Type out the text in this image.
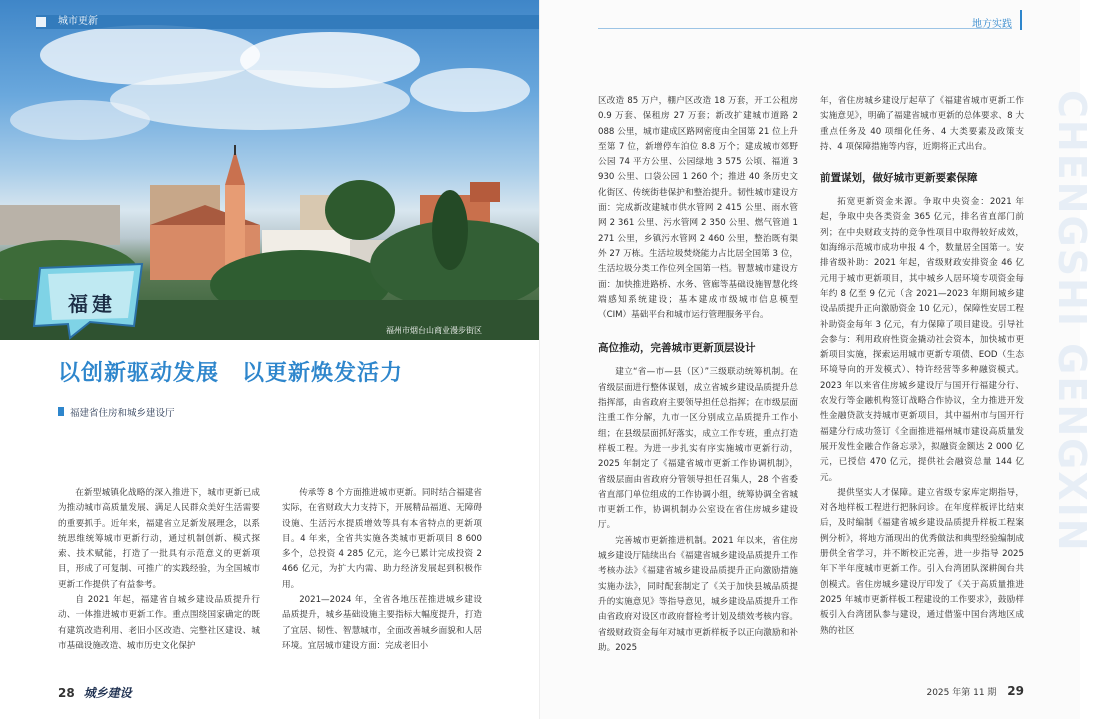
城市更新
福州市烟台山商业漫步街区
福建
以创新驱动发展　以更新焕发活力
福建省住房和城乡建设厅

在新型城镇化战略的深入推进下，城市更新已成为推动城市高质量发展、满足人民群众美好生活需要的重要抓手。近年来，福建省立足新发展理念，以系统思维统筹城市更新行动，通过机制创新、模式探索、技术赋能，打造了一批具有示范意义的更新项目，形成了可复制、可推广的实践经验，为全国城市更新工作提供了有益参考。

自 2021 年起，福建省自城乡建设品质提升行动、一体推进城市更新工作。重点围绕国家确定的既有建筑改造利用、老旧小区改造、完整社区建设、城市基础设施改造、城市历史文化保护

传承等 8 个方面推进城市更新。同时结合福建省实际，在省财政大力支持下，开展精品福道、无障碍设施、生活污水提质增效等具有本省特点的更新项目。4 年来，全省共实施各类城市更新项目 8 600 多个，总投资 4 285 亿元，迄今已累计完成投资 2 466 亿元，为扩大内需、助力经济发展起到积极作用。

2021—2024 年，全省各地压茬推进城乡建设品质提升，城乡基础设施主要指标大幅度提升，打造了宜居、韧性、智慧城市，全面改善城乡面貌和人居环境。宜居城市建设方面：完成老旧小

28 城乡建设
地方实践
CHENGSHI GENGXIN

区改造 85 万户，棚户区改造 18 万套，开工公租房 0.9 万套、保租房 27 万套；新改扩建城市道路 2 088 公里，城市建成区路网密度由全国第 21 位上升至第 7 位，新增停车泊位 8.8 万个；建成城市郊野公园 74 平方公里、公园绿地 3 575 公顷、福道 3 930 公里、口袋公园 1 260 个；推进 40 条历史文化街区、传统街巷保护和整治提升。韧性城市建设方面：完成新改建城市供水管网 2 415 公里、雨水管网 2 361 公里、污水管网 2 350 公里、燃气管道 1 271 公里，乡镇污水管网 2 460 公里，整治既有渠外 27 万栋。生活垃圾焚烧能力占比居全国第 3 位，生活垃圾分类工作位列全国第一档。智慧城市建设方面：加快推进路桥、水务、管廊等基础设施智慧化终端感知系统建设；基本建成市级城市信息模型（CIM）基础平台和城市运行管理服务平台。

高位推动，完善城市更新顶层设计

建立“省—市—县（区）”三级联动统筹机制。在省级层面进行整体谋划，成立省城乡建设品质提升总指挥部，由省政府主要领导担任总指挥；在市级层面注重工作分解，九市一区分别成立品质提升工作小组；在县级层面抓好落实，成立工作专班，重点打造样板工程。为进一步扎实有序实施城市更新行动，2025 年制定了《福建省城市更新工作协调机制》，省级层面由省政府分管领导担任召集人，28 个省委省直部门单位组成的工作协调小组，统筹协调全省城市更新工作，协调机制办公室设在省住房城乡建设厅。

完善城市更新推进机制。2021 年以来，省住房城乡建设厅陆续出台《福建省城乡建设品质提升工作考核办法》《福建省城乡建设品质提升正向激励措施实施办法》，同时配套制定了《关于加快县城品质提升的实施意见》等指导意见，城乡建设品质提升工作由省政府对设区市政府督检考计划及绩效考核内容。省级财政资金每年对城市更新样板予以正向激励和补助。2025

年，省住房城乡建设厅起草了《福建省城市更新工作实施意见》，明确了福建省城市更新的总体要求、8 大重点任务及 40 项细化任务、4 大类要素及政策支持、4 项保障措施等内容，近期将正式出台。

前置谋划，做好城市更新要素保障

拓宽更新资金来源。争取中央资金：2021 年起，争取中央各类资金 365 亿元，排名省直部门前列；在中央财政支持的竞争性项目中取得较好成效，如海绵示范城市成功申报 4 个，数量居全国第一。安排省级补助：2021 年起，省级财政安排资金 46 亿元用于城市更新项目，其中城乡人居环境专项资金每年约 8 亿至 9 亿元（含 2021—2023 年期间城乡建设品质提升正向激励资金 10 亿元），保障性安居工程补助资金每年 3 亿元，有力保障了项目建设。引导社会参与：利用政府性资金撬动社会资本，加快城市更新项目实施，探索运用城市更新专项债、EOD（生态环境导向的开发模式）、特许经营等多种融资模式。2023 年以来省住房城乡建设厅与国开行福建分行、农发行等金融机构签订战略合作协议，全力推进开发性金融贷款支持城市更新项目，其中福州市与国开行福建分行成功签订《全面推进福州城市建设高质量发展开发性金融合作备忘录》，拟融资金额达 2 000 亿元，已授信 470 亿元，提供社会融资总量 144 亿元。

提供坚实人才保障。建立省级专家库定期指导，对各地样板工程进行把脉问诊。在年度样板评比结束后，及时编制《福建省城乡建设品质提升样板工程案例分析》，将地方涌现出的优秀做法和典型经验编制成册供全省学习，并不断校正完善，进一步指导 2025 年下半年度城市更新工作。引入台湾团队深耕闽台共创模式。省住房城乡建设厅印发了《关于高质量推进 2025 年城市更新样板工程建设的工作要求》，鼓励样板引入台湾团队参与建设，通过借鉴中国台湾地区成熟的社区

2025 年第 11 期 29
